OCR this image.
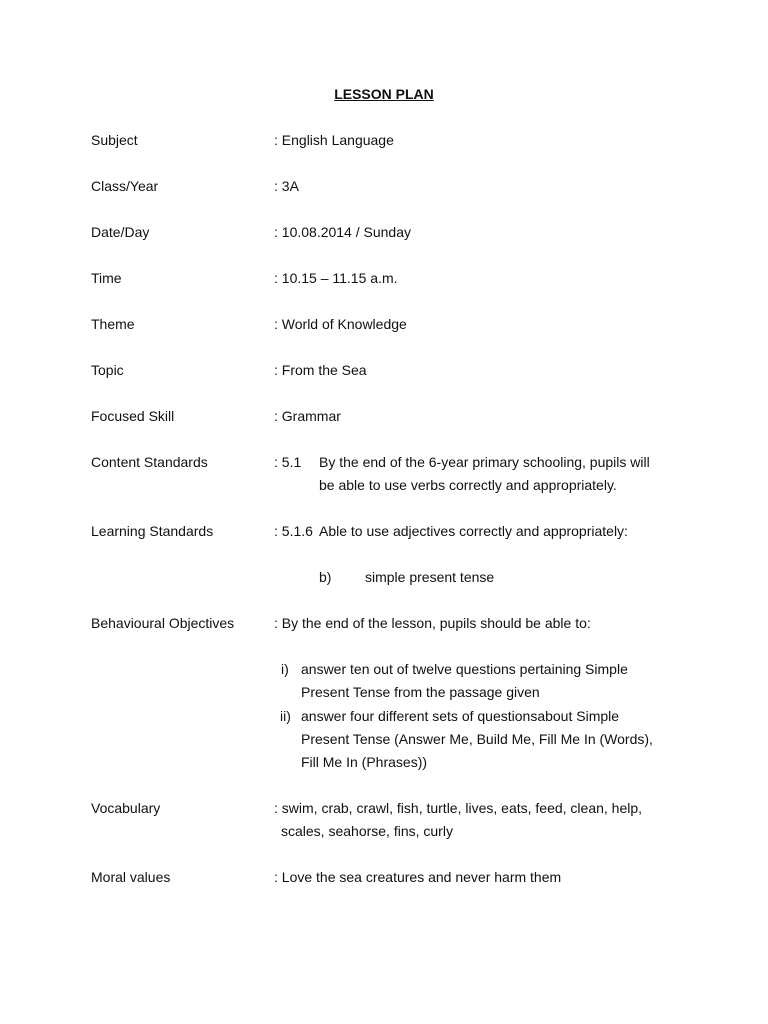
LESSON PLAN
Subject	: English Language
Class/Year	: 3A
Date/Day	: 10.08.2014 / Sunday
Time	: 10.15 – 11.15 a.m.
Theme	: World of Knowledge
Topic	: From the Sea
Focused Skill	: Grammar
Content Standards	: 5.1 By the end of the 6-year primary schooling, pupils will
be able to use verbs correctly and appropriately.
Learning Standards	: 5.1.6 Able to use adjectives correctly and appropriately:
b) simple present tense
Behavioural Objectives	: By the end of the lesson, pupils should be able to:
i) answer ten out of twelve questions pertaining Simple
Present Tense from the passage given
ii) answer four different sets of questionsabout Simple
Present Tense (Answer Me, Build Me, Fill Me In (Words),
Fill Me In (Phrases))
Vocabulary	: swim, crab, crawl, fish, turtle, lives, eats, feed, clean, help,
scales, seahorse, fins, curly
Moral values	: Love the sea creatures and never harm them
